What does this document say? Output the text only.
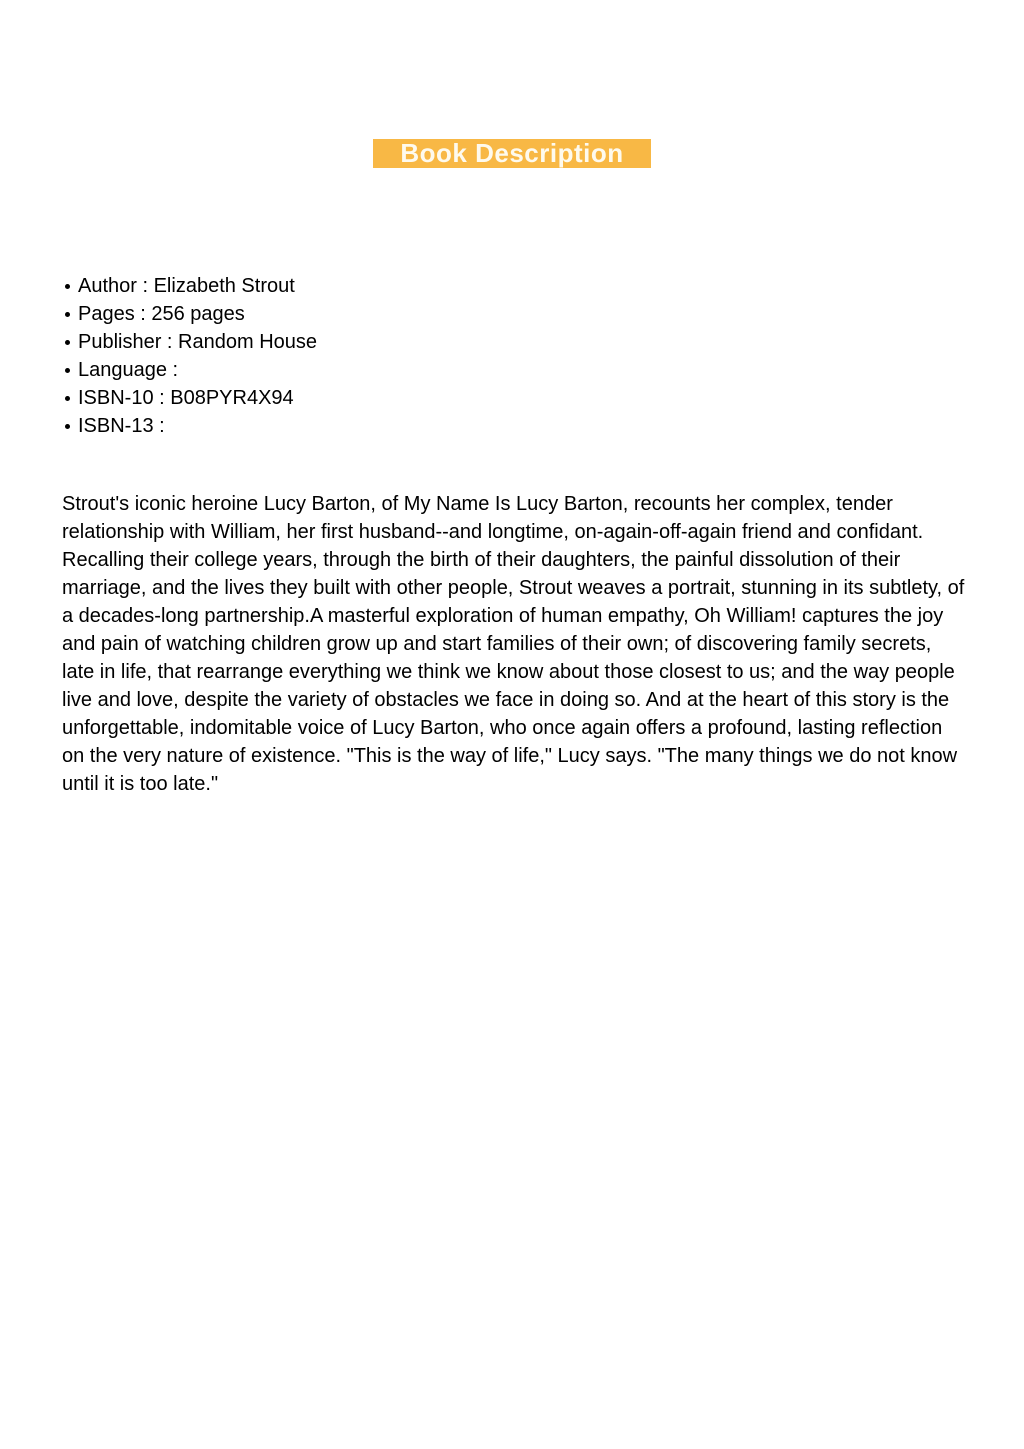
Book Description
Author : Elizabeth Strout
Pages : 256 pages
Publisher : Random House
Language :
ISBN-10 : B08PYR4X94
ISBN-13 :

Strout's iconic heroine Lucy Barton, of My Name Is Lucy Barton, recounts her complex, tender relationship with William, her first husband--and longtime, on-again-off-again friend and confidant. Recalling their college years, through the birth of their daughters, the painful dissolution of their marriage, and the lives they built with other people, Strout weaves a portrait, stunning in its subtlety, of a decades-long partnership.A masterful exploration of human empathy, Oh William! captures the joy and pain of watching children grow up and start families of their own; of discovering family secrets, late in life, that rearrange everything we think we know about those closest to us; and the way people live and love, despite the variety of obstacles we face in doing so. And at the heart of this story is the unforgettable, indomitable voice of Lucy Barton, who once again offers a profound, lasting reflection on the very nature of existence. "This is the way of life," Lucy says. "The many things we do not know until it is too late."
